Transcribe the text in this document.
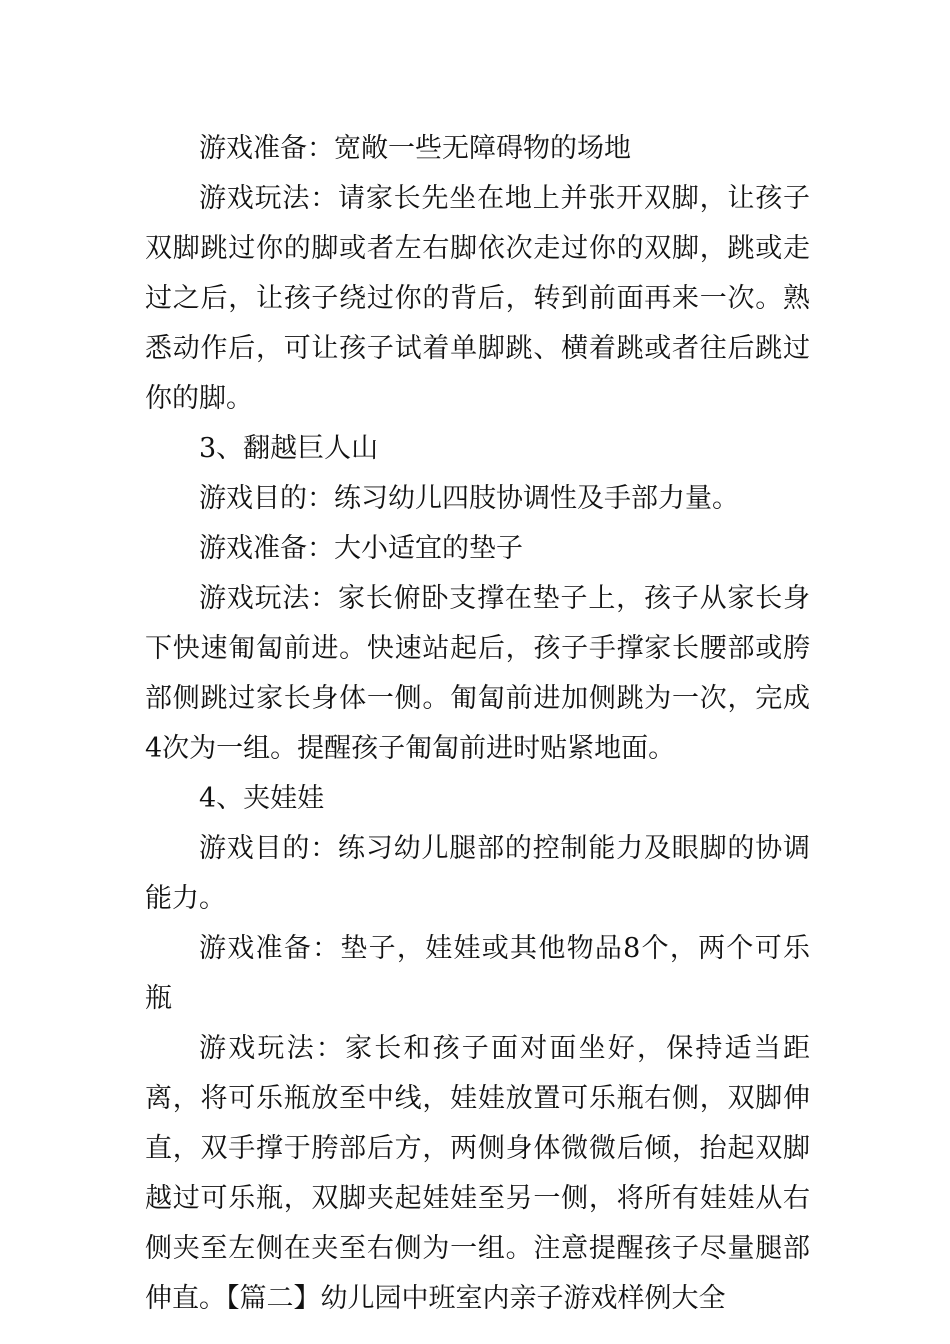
游戏准备：宽敞一些无障碍物的场地

游戏玩法：请家长先坐在地上并张开双脚，让孩子双脚跳过你的脚或者左右脚依次走过你的双脚，跳或走过之后，让孩子绕过你的背后，转到前面再来一次。熟悉动作后，可让孩子试着单脚跳、横着跳或者往后跳过你的脚。

3、翻越巨人山

游戏目的：练习幼儿四肢协调性及手部力量。

游戏准备：大小适宜的垫子

游戏玩法：家长俯卧支撑在垫子上，孩子从家长身下快速匍匐前进。快速站起后，孩子手撑家长腰部或胯部侧跳过家长身体一侧。匍匐前进加侧跳为一次，完成4次为一组。提醒孩子匍匐前进时贴紧地面。

4、夹娃娃

游戏目的：练习幼儿腿部的控制能力及眼脚的协调能力。

游戏准备：垫子，娃娃或其他物品8个，两个可乐瓶

游戏玩法：家长和孩子面对面坐好，保持适当距离，将可乐瓶放至中线，娃娃放置可乐瓶右侧，双脚伸直，双手撑于胯部后方，两侧身体微微后倾，抬起双脚越过可乐瓶，双脚夹起娃娃至另一侧，将所有娃娃从右侧夹至左侧在夹至右侧为一组。注意提醒孩子尽量腿部伸直。【篇二】幼儿园中班室内亲子游戏样例大全
